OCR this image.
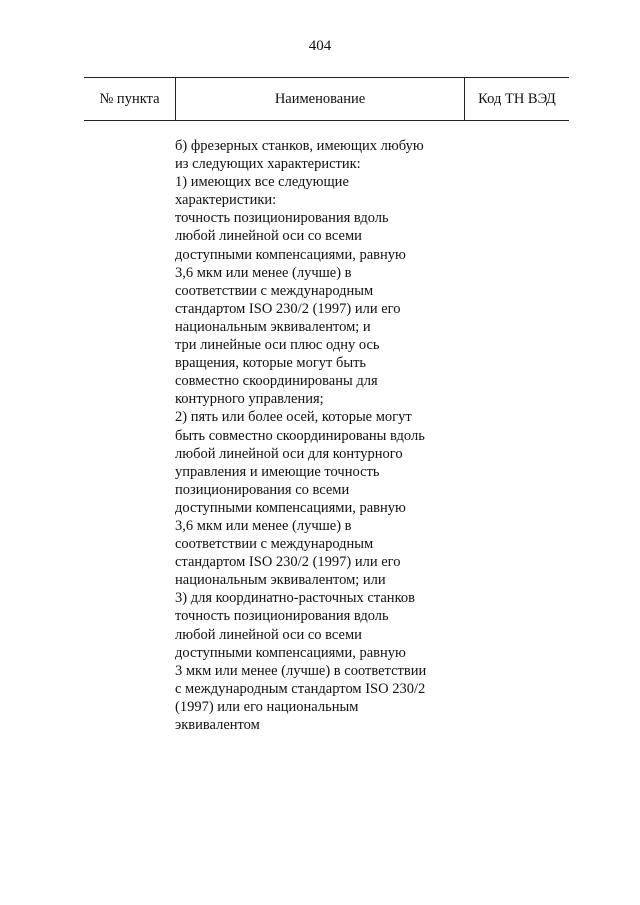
404
№ пункта	Наименование	Код ТН ВЭД
б) фрезерных станков, имеющих любую
из следующих характеристик:
1) имеющих все следующие
характеристики:
точность позиционирования вдоль
любой линейной оси со всеми
доступными компенсациями, равную
3,6 мкм или менее (лучше) в
соответствии с международным
стандартом ISO 230/2 (1997) или его
национальным эквивалентом; и
три линейные оси плюс одну ось
вращения, которые могут быть
совместно скоординированы для
контурного управления;
2) пять или более осей, которые могут
быть совместно скоординированы вдоль
любой линейной оси для контурного
управления и имеющие точность
позиционирования со всеми
доступными компенсациями, равную
3,6 мкм или менее (лучше) в
соответствии с международным
стандартом ISO 230/2 (1997) или его
национальным эквивалентом; или
3) для координатно-расточных станков
точность позиционирования вдоль
любой линейной оси со всеми
доступными компенсациями, равную
3 мкм или менее (лучше) в соответствии
с международным стандартом ISO 230/2
(1997) или его национальным
эквивалентом
